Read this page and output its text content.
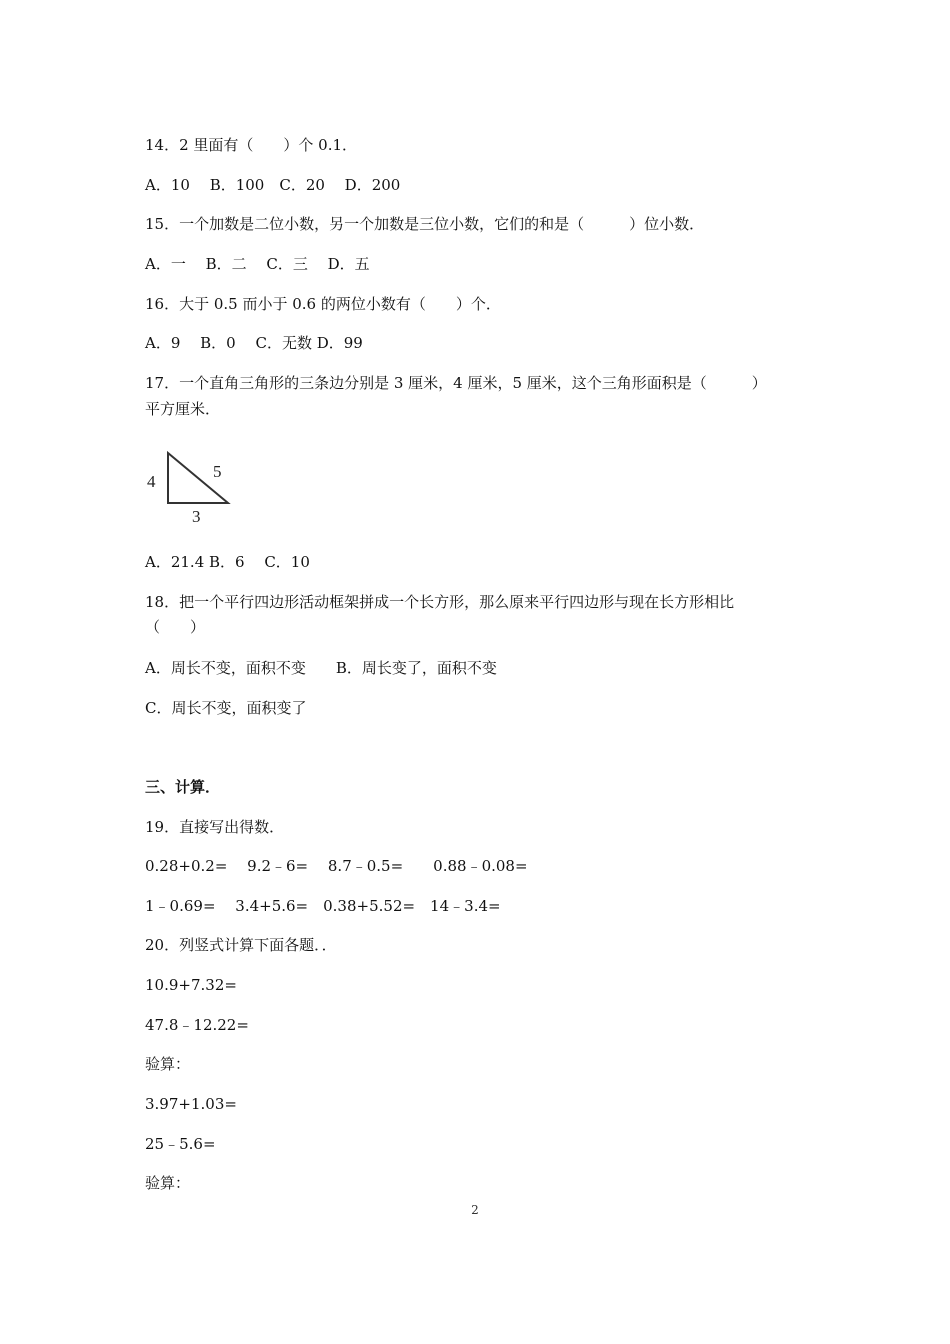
14．2 里面有（　　）个 0.1．
A．10　 B．100　C．20　 D．200
15．一个加数是二位小数，另一个加数是三位小数，它们的和是（　　　）位小数．
A．一　 B．二　 C．三　 D．五
16．大于 0.5 而小于 0.6 的两位小数有（　　）个．
A．9　 B．0　 C．无数 D．99
17．一个直角三角形的三条边分别是 3 厘米，4 厘米，5 厘米，这个三角形面积是（　　　）
平方厘米．
4
5
3
A．21.4 B．6　 C．10
18．把一个平行四边形活动框架拼成一个长方形，那么原来平行四边形与现在长方形相比
（　　）
A．周长不变，面积不变　　B．周长变了，面积不变
C．周长不变，面积变了
三、计算．
19．直接写出得数．
0.28+0.2=　 9.2﹣6=　 8.7﹣0.5=　　0.88﹣0.08=
1﹣0.69=　 3.4+5.6=　0.38+5.52=　14﹣3.4=
20．列竖式计算下面各题．．
10.9+7.32=
47.8﹣12.22=
验算：
3.97+1.03=
25﹣5.6=
验算：
2
